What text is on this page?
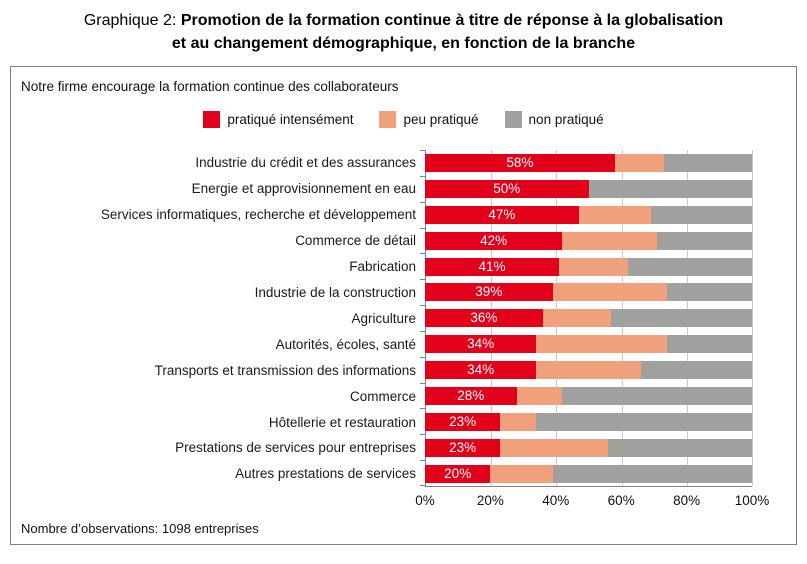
Graphique 2: Promotion de la formation continue à titre de réponse à la globalisation
et au changement démographique, en fonction de la branche
Notre firme encourage la formation continue des collaborateurs
pratiqué intensément	peu pratiqué	non pratiqué
Industrie du crédit et des assurances	58%
Energie et approvisionnement en eau	50%
Services informatiques, recherche et développement	47%
Commerce de détail	42%
Fabrication	41%
Industrie de la construction	39%
Agriculture	36%
Autorités, écoles, santé	34%
Transports et transmission des informations	34%
Commerce	28%
Hôtellerie et restauration	23%
Prestations de services pour entreprises	23%
Autres prestations de services	20%
0%	20%	40%	60%	80%	100%
Nombre d’observations: 1098 entreprises
